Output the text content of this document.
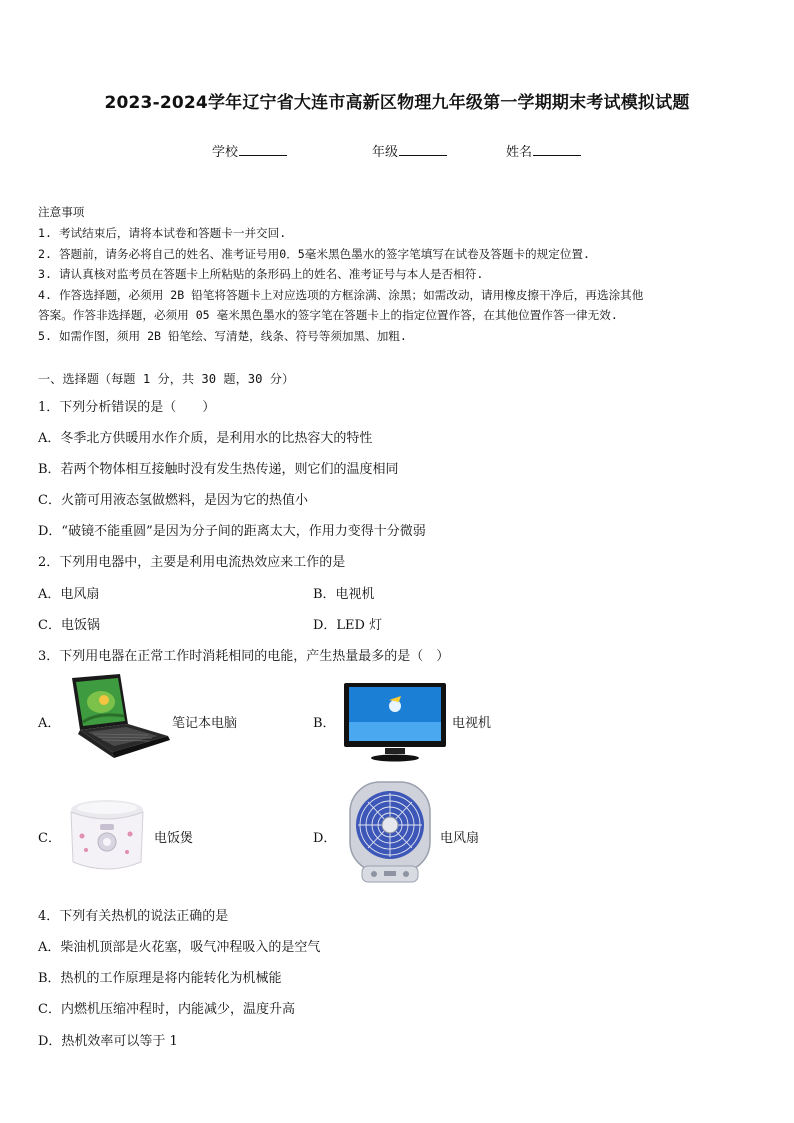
2023-2024学年辽宁省大连市高新区物理九年级第一学期期末考试模拟试题
学校	年级	姓名
注意事项
1. 考试结束后，请将本试卷和答题卡一并交回.
2. 答题前，请务必将自己的姓名、准考证号用0．5毫米黑色墨水的签字笔填写在试卷及答题卡的规定位置.
3. 请认真核对监考员在答题卡上所粘贴的条形码上的姓名、准考证号与本人是否相符.
4. 作答选择题，必须用 2B 铅笔将答题卡上对应选项的方框涂满、涂黑；如需改动，请用橡皮擦干净后，再选涂其他
答案。作答非选择题，必须用 05 毫米黑色墨水的签字笔在答题卡上的指定位置作答，在其他位置作答一律无效.
5. 如需作图，须用 2B 铅笔绘、写清楚，线条、符号等须加黑、加粗.
一、选择题（每题 1 分，共 30 题，30 分）
1．下列分析错误的是（　　）
A．冬季北方供暖用水作介质，是利用水的比热容大的特性
B．若两个物体相互接触时没有发生热传递，则它们的温度相同
C．火箭可用液态氢做燃料，是因为它的热值小
D．“破镜不能重圆”是因为分子间的距离太大，作用力变得十分微弱
2．下列用电器中，主要是利用电流热效应来工作的是
A．电风扇	B．电视机
C．电饭锅	D．LED 灯
3．下列用电器在正常工作时消耗相同的电能，产生热量最多的是（　）
A．	笔记本电脑	B．	电视机
C．	电饭煲	D．	电风扇
4．下列有关热机的说法正确的是
A．柴油机顶部是火花塞，吸气冲程吸入的是空气
B．热机的工作原理是将内能转化为机械能
C．内燃机压缩冲程时，内能减少，温度升高
D．热机效率可以等于 1
